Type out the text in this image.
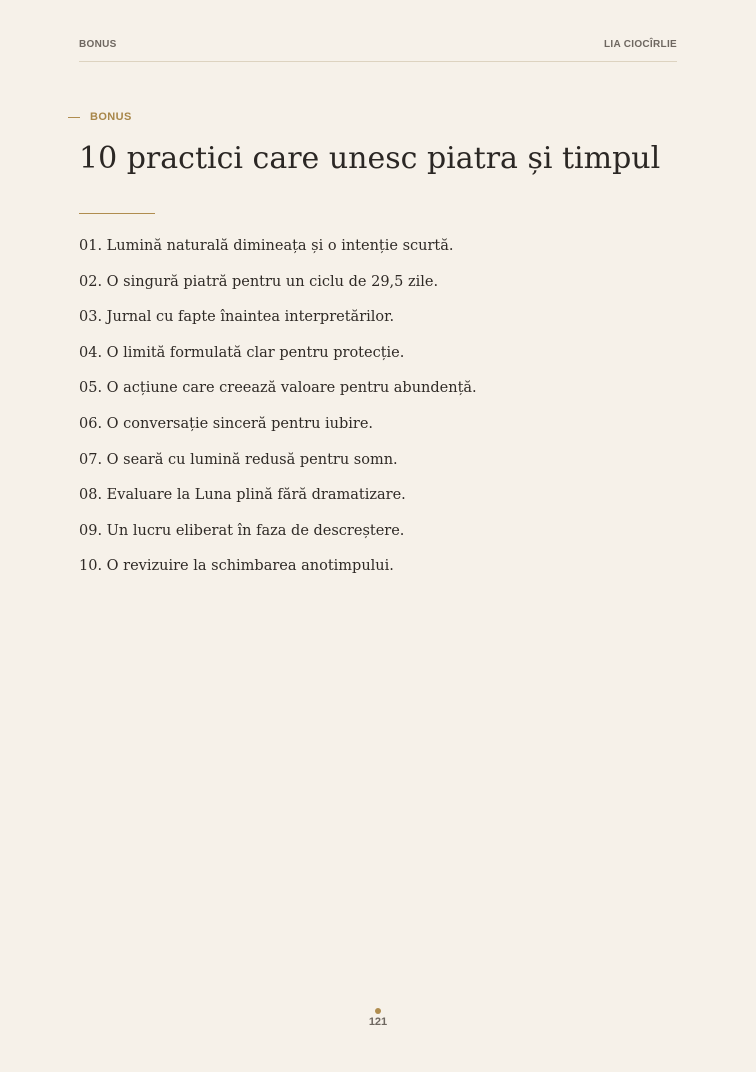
BONUS	LIA CIOCÎRLIE
BONUS
10 practici care unesc piatra și timpul
01. Lumină naturală dimineața și o intenție scurtă.
02. O singură piatră pentru un ciclu de 29,5 zile.
03. Jurnal cu fapte înaintea interpretărilor.
04. O limită formulată clar pentru protecție.
05. O acțiune care creează valoare pentru abundență.
06. O conversație sinceră pentru iubire.
07. O seară cu lumină redusă pentru somn.
08. Evaluare la Luna plină fără dramatizare.
09. Un lucru eliberat în faza de descreștere.
10. O revizuire la schimbarea anotimpului.
121
